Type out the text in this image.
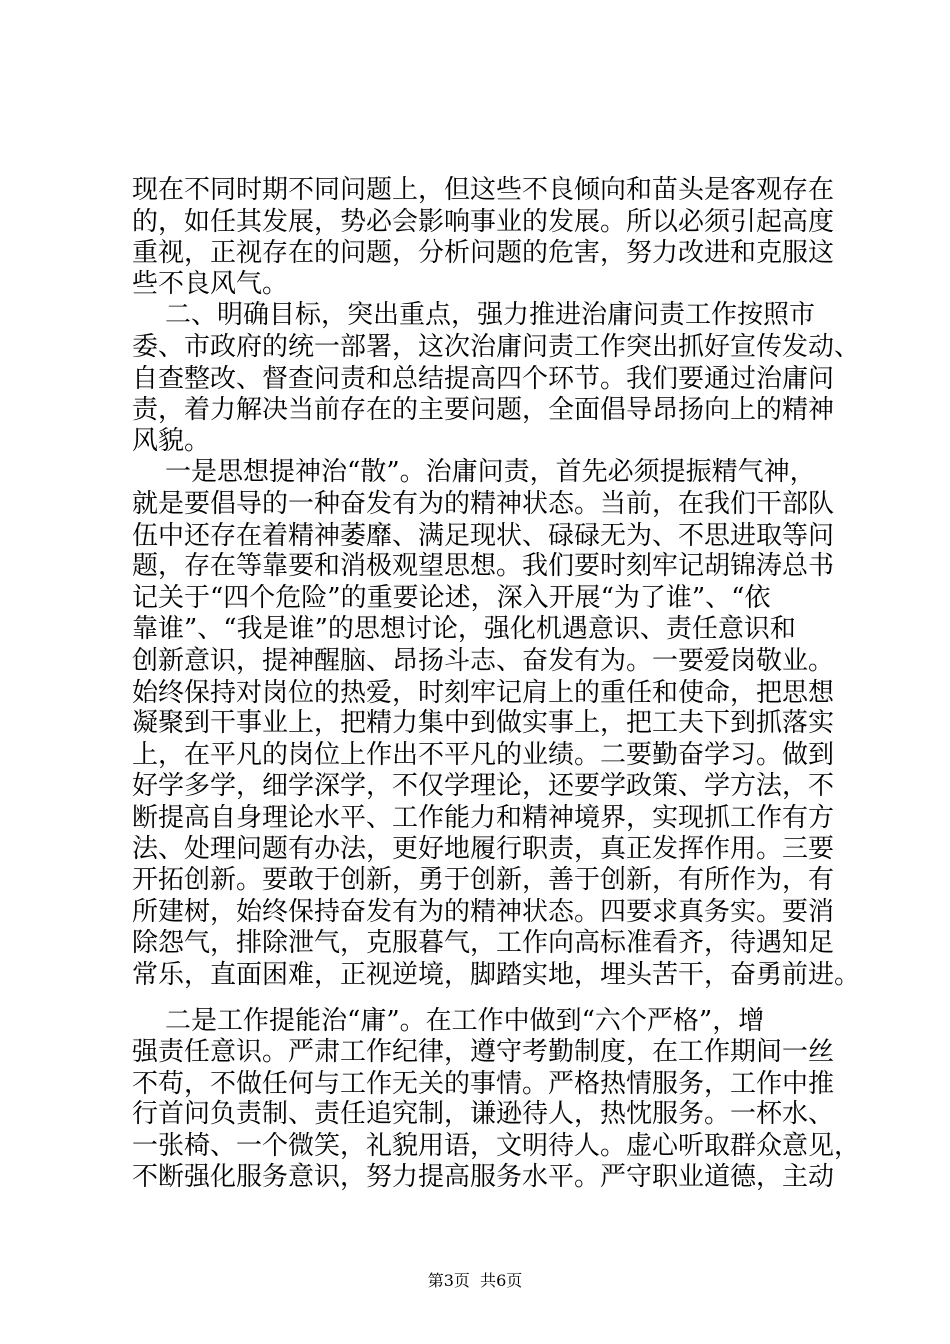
现在不同时期不同问题上，但这些不良倾向和苗头是客观存在
的，如任其发展，势必会影响事业的发展。所以必须引起高度
重视，正视存在的问题，分析问题的危害，努力改进和克服这
些不良风气。
二、明确目标，突出重点，强力推进治庸问责工作按照市
委、市政府的统一部署，这次治庸问责工作突出抓好宣传发动、
自查整改、督查问责和总结提高四个环节。我们要通过治庸问
责，着力解决当前存在的主要问题，全面倡导昂扬向上的精神
风貌。
一是思想提神治“散”。治庸问责，首先必须提振精气神，
就是要倡导的一种奋发有为的精神状态。当前，在我们干部队
伍中还存在着精神萎靡、满足现状、碌碌无为、不思进取等问
题，存在等靠要和消极观望思想。我们要时刻牢记胡锦涛总书
记关于“四个危险”的重要论述，深入开展“为了谁”、“依
靠谁”、“我是谁”的思想讨论，强化机遇意识、责任意识和
创新意识，提神醒脑、昂扬斗志、奋发有为。一要爱岗敬业。
始终保持对岗位的热爱，时刻牢记肩上的重任和使命，把思想
凝聚到干事业上，把精力集中到做实事上，把工夫下到抓落实
上，在平凡的岗位上作出不平凡的业绩。二要勤奋学习。做到
好学多学，细学深学，不仅学理论，还要学政策、学方法，不
断提高自身理论水平、工作能力和精神境界，实现抓工作有方
法、处理问题有办法，更好地履行职责，真正发挥作用。三要
开拓创新。要敢于创新，勇于创新，善于创新，有所作为，有
所建树，始终保持奋发有为的精神状态。四要求真务实。要消
除怨气，排除泄气，克服暮气，工作向高标准看齐，待遇知足
常乐，直面困难，正视逆境，脚踏实地，埋头苦干，奋勇前进。
二是工作提能治“庸”。在工作中做到“六个严格”，增
强责任意识。严肃工作纪律，遵守考勤制度，在工作期间一丝
不苟，不做任何与工作无关的事情。严格热情服务，工作中推
行首问负责制、责任追究制，谦逊待人，热忱服务。一杯水、
一张椅、一个微笑，礼貌用语，文明待人。虚心听取群众意见，
不断强化服务意识，努力提高服务水平。严守职业道德，主动
第3页  共6页
